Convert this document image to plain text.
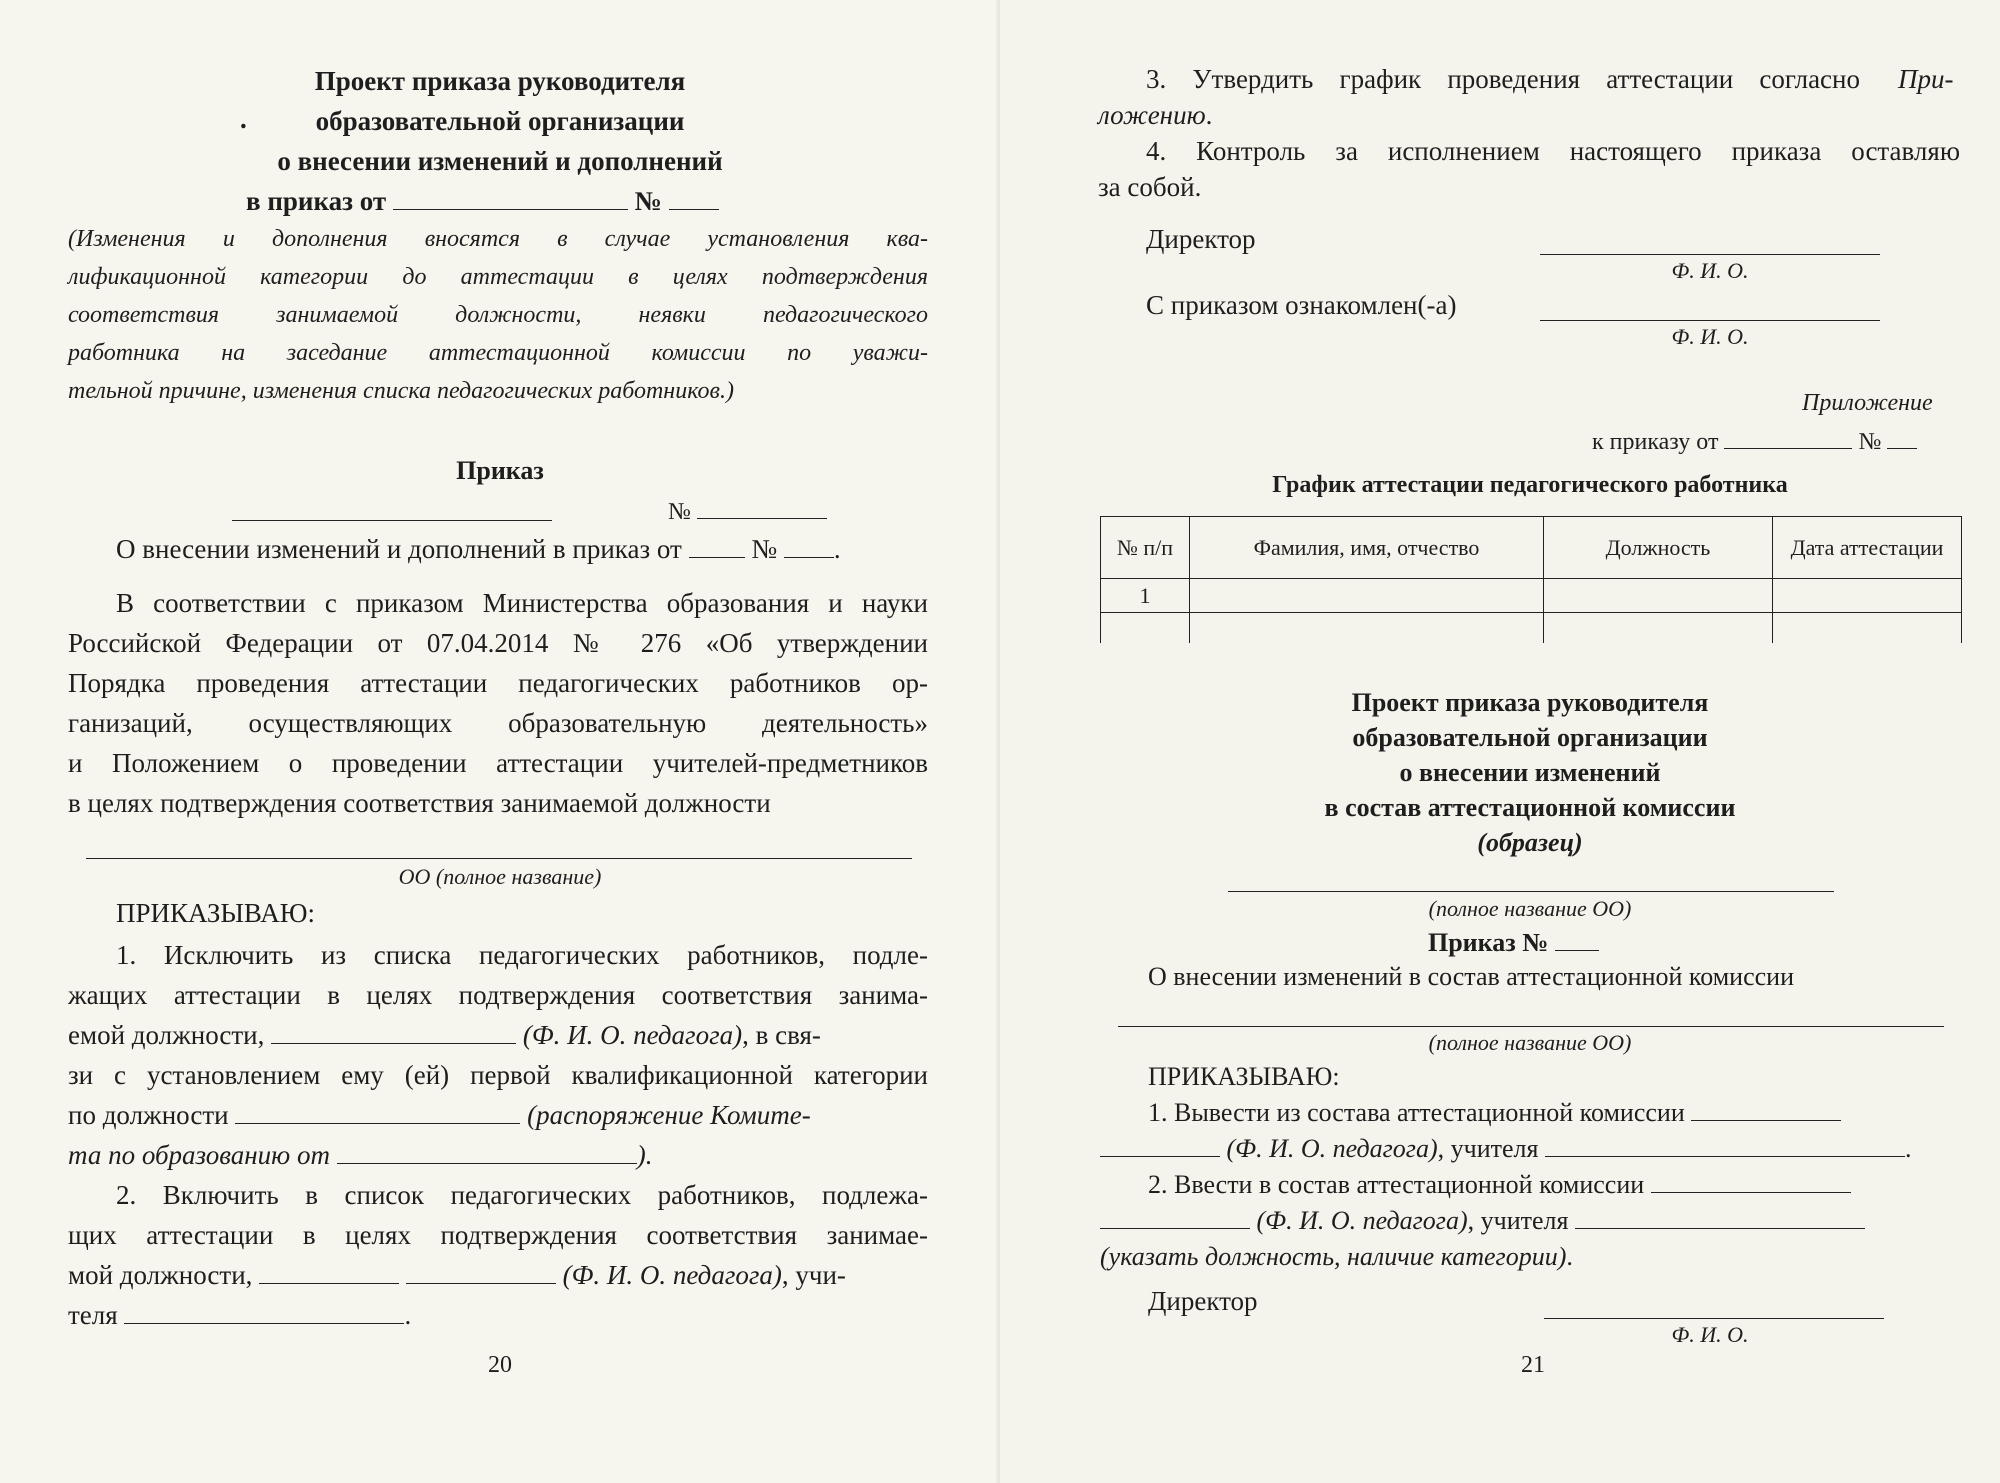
Проект приказа руководителя
.	образовательной организации
о внесении изменений и дополнений
в приказ от	№
(Изменения и дополнения вносятся в случае установления ква-
лификационной категории до аттестации в целях подтверждения
соответствия занимаемой должности, неявки педагогического
работника на заседание аттестационной комиссии по уважи-
тельной причине, изменения списка педагогических работников.)
Приказ
№
О внесении изменений и дополнений в приказ от	№ .
В соответствии с приказом Министерства образования и науки
Российской Федерации от 07.04.2014 № 276 «Об утверждении
Порядка проведения аттестации педагогических работников ор-
ганизаций, осуществляющих образовательную деятельность»
и Положением о проведении аттестации учителей-предметников
в целях подтверждения соответствия занимаемой должности
ОО (полное название)
ПРИКАЗЫВАЮ:
1. Исключить из списка педагогических работников, подле-
жащих аттестации в целях подтверждения соответствия занима-
емой должности,	(Ф. И. О. педагога), в свя-
зи с установлением ему (ей) первой квалификационной категории
по должности	(распоряжение Комите-
та по образованию от	).
2. Включить в список педагогических работников, подлежа-
щих аттестации в целях подтверждения соответствия занимае-
мой должности,	(Ф. И. О. педагога), учи-
теля	.
20
3. Утвердить график проведения аттестации согласно При-
ложению.
4. Контроль за исполнением настоящего приказа оставляю
за собой.
Директор
Ф. И. О.
С приказом ознакомлен(-а)
Ф. И. О.
Приложение
к приказу от	№
График аттестации педагогического работника
№ п/п	Фамилия, имя, отчество	Должность	Дата аттестации
1			

Проект приказа руководителя
образовательной организации
о внесении изменений
в состав аттестационной комиссии
(образец)
(полное название ОО)
Приказ №
О внесении изменений в состав аттестационной комиссии
(полное название ОО)
ПРИКАЗЫВАЮ:
1. Вывести из состава аттестационной комиссии
(Ф. И. О. педагога), учителя	.
2. Ввести в состав аттестационной комиссии
(Ф. И. О. педагога), учителя
(указать должность, наличие категории).
Директор
Ф. И. О.
21
